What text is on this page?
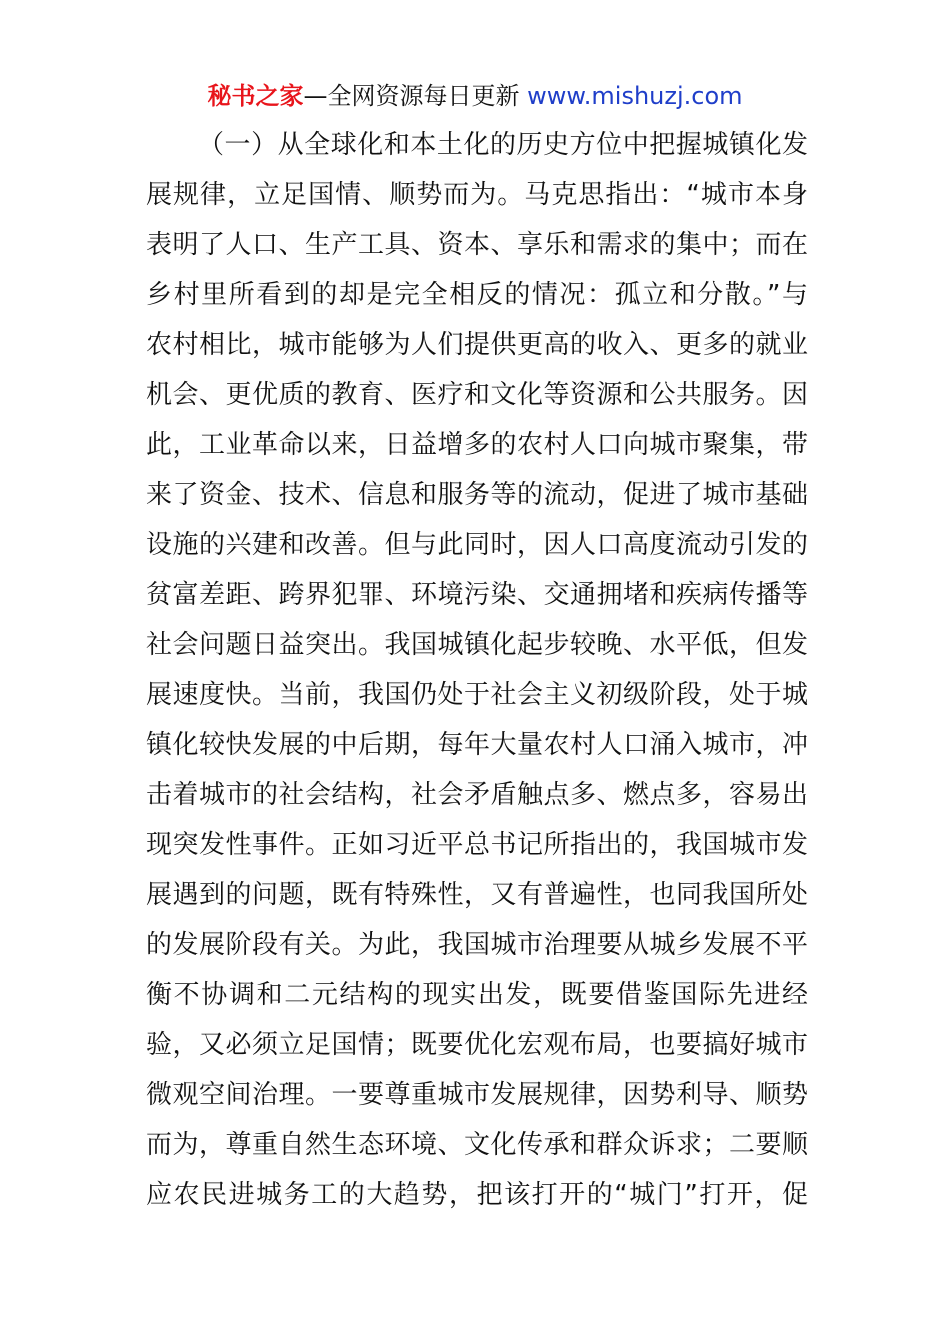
秘书之家—全网资源每日更新 www.mishuzj.com
（一）从全球化和本土化的历史方位中把握城镇化发
展规律，立足国情、顺势而为。马克思指出：“城市本身
表明了人口、生产工具、资本、享乐和需求的集中；而在
乡村里所看到的却是完全相反的情况：孤立和分散。”与
农村相比，城市能够为人们提供更高的收入、更多的就业
机会、更优质的教育、医疗和文化等资源和公共服务。因
此，工业革命以来，日益增多的农村人口向城市聚集，带
来了资金、技术、信息和服务等的流动，促进了城市基础
设施的兴建和改善。但与此同时，因人口高度流动引发的
贫富差距、跨界犯罪、环境污染、交通拥堵和疾病传播等
社会问题日益突出。我国城镇化起步较晚、水平低，但发
展速度快。当前，我国仍处于社会主义初级阶段，处于城
镇化较快发展的中后期，每年大量农村人口涌入城市，冲
击着城市的社会结构，社会矛盾触点多、燃点多，容易出
现突发性事件。正如习近平总书记所指出的，我国城市发
展遇到的问题，既有特殊性，又有普遍性，也同我国所处
的发展阶段有关。为此，我国城市治理要从城乡发展不平
衡不协调和二元结构的现实出发，既要借鉴国际先进经
验，又必须立足国情；既要优化宏观布局，也要搞好城市
微观空间治理。一要尊重城市发展规律，因势利导、顺势
而为，尊重自然生态环境、文化传承和群众诉求；二要顺
应农民进城务工的大趋势，把该打开的“城门”打开，促
